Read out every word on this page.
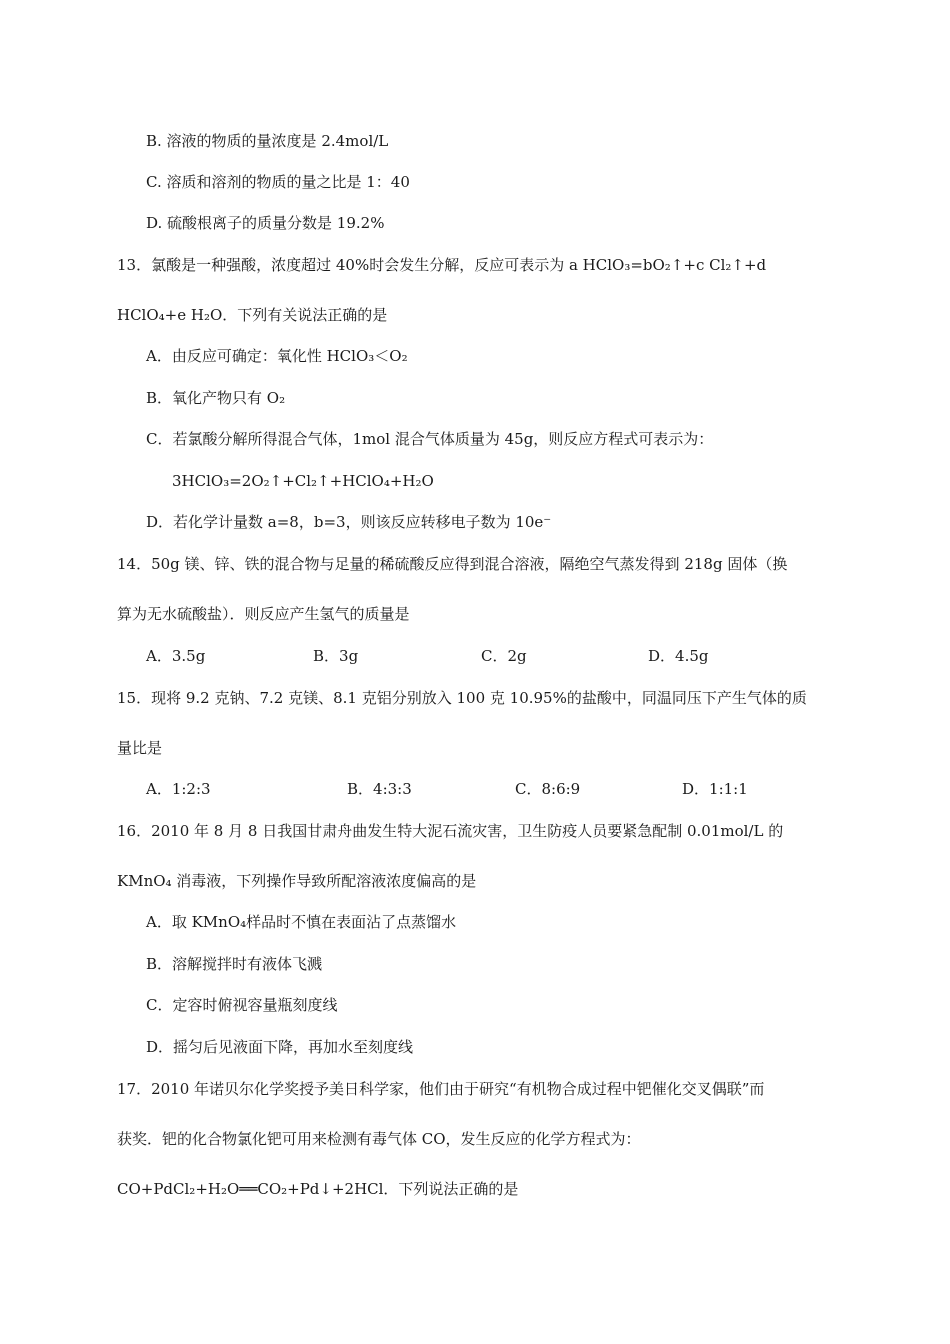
B. 溶液的物质的量浓度是 2.4mol/L
C. 溶质和溶剂的物质的量之比是 1：40
D. 硫酸根离子的质量分数是 19.2%
13．氯酸是一种强酸，浓度超过 40%时会发生分解，反应可表示为 a HClO₃=bO₂↑+c Cl₂↑+d
HClO₄+e H₂O．下列有关说法正确的是
A．由反应可确定：氧化性 HClO₃＜O₂
B．氧化产物只有 O₂
C．若氯酸分解所得混合气体，1mol 混合气体质量为 45g，则反应方程式可表示为：
3HClO₃=2O₂↑+Cl₂↑+HClO₄+H₂O
D．若化学计量数 a=8，b=3，则该反应转移电子数为 10e⁻
14．50g 镁、锌、铁的混合物与足量的稀硫酸反应得到混合溶液，隔绝空气蒸发得到 218g 固体（换
算为无水硫酸盐）．则反应产生氢气的质量是
A．3.5g	B．3g	C．2g	D．4.5g
15．现将 9.2 克钠、7.2 克镁、8.1 克铝分别放入 100 克 10.95%的盐酸中，同温同压下产生气体的质
量比是
A．1:2:3	B．4:3:3	C．8:6:9	D．1:1:1
16．2010 年 8 月 8 日我国甘肃舟曲发生特大泥石流灾害，卫生防疫人员要紧急配制 0.01mol/L 的
KMnO₄ 消毒液，下列操作导致所配溶液浓度偏高的是
A．取 KMnO₄样品时不慎在表面沾了点蒸馏水
B．溶解搅拌时有液体飞溅
C．定容时俯视容量瓶刻度线
D．摇匀后见液面下降，再加水至刻度线
17．2010 年诺贝尔化学奖授予美日科学家，他们由于研究“有机物合成过程中钯催化交叉偶联”而
获奖．钯的化合物氯化钯可用来检测有毒气体 CO，发生反应的化学方程式为：
CO+PdCl₂+H₂O══CO₂+Pd↓+2HCl．下列说法正确的是
